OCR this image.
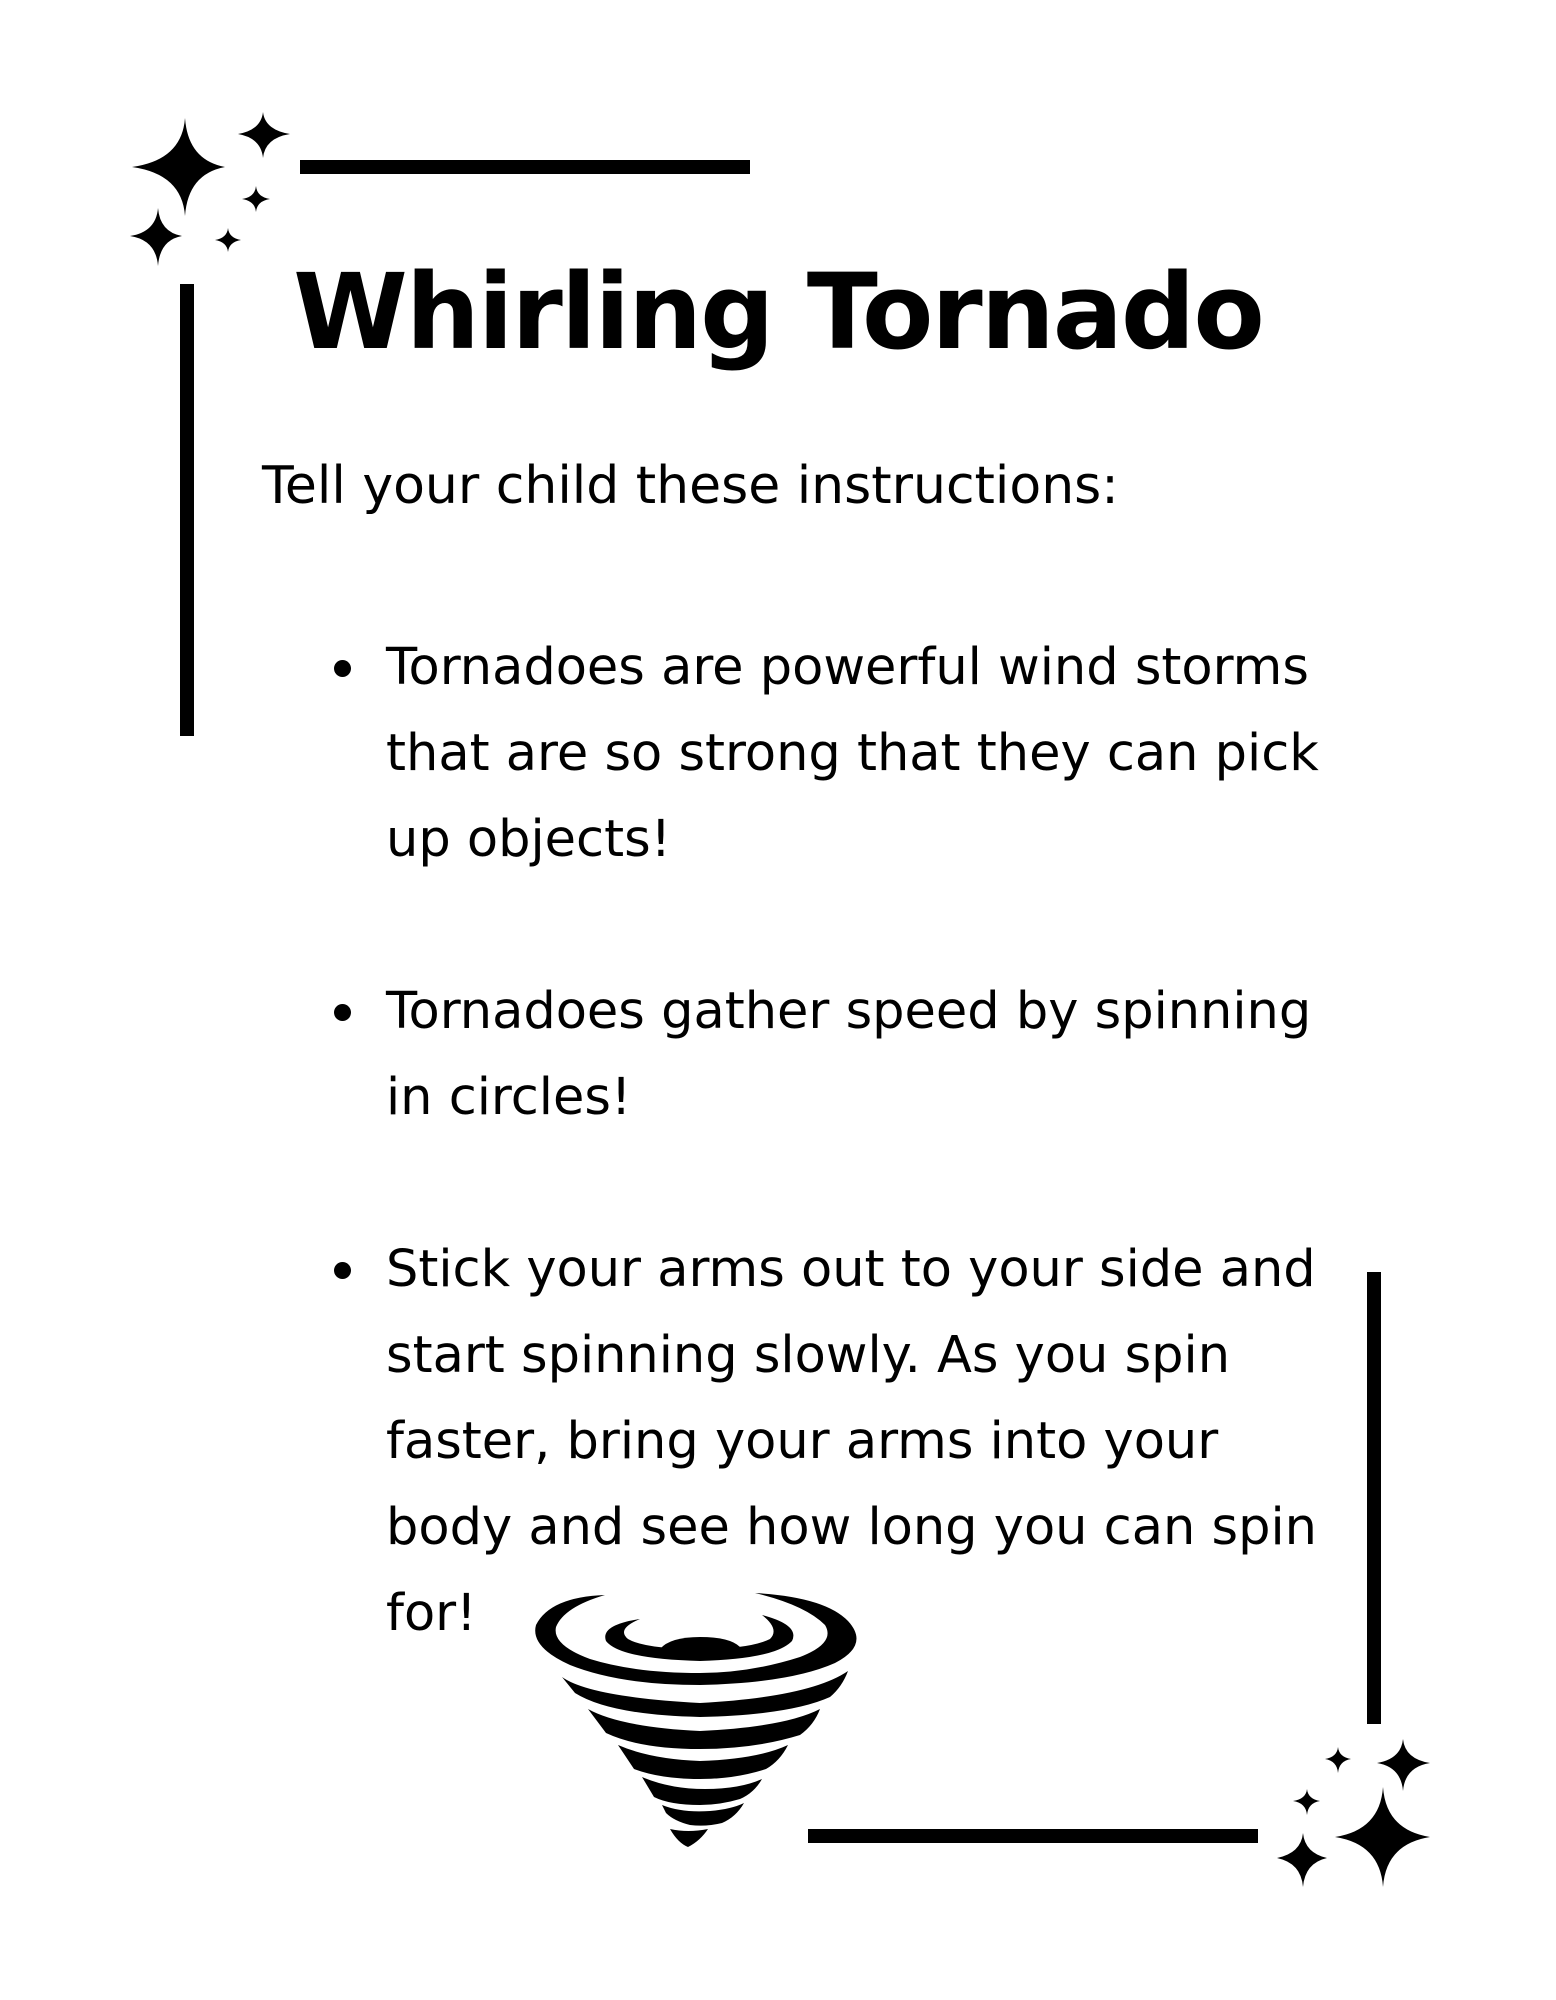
Whirling Tornado

Tell your child these instructions:

Tornadoes are powerful wind storms that are so strong that they can pick up objects!
Tornadoes gather speed by spinning in circles!
Stick your arms out to your side and start spinning slowly. As you spin faster, bring your arms into your body and see how long you can spin for!
